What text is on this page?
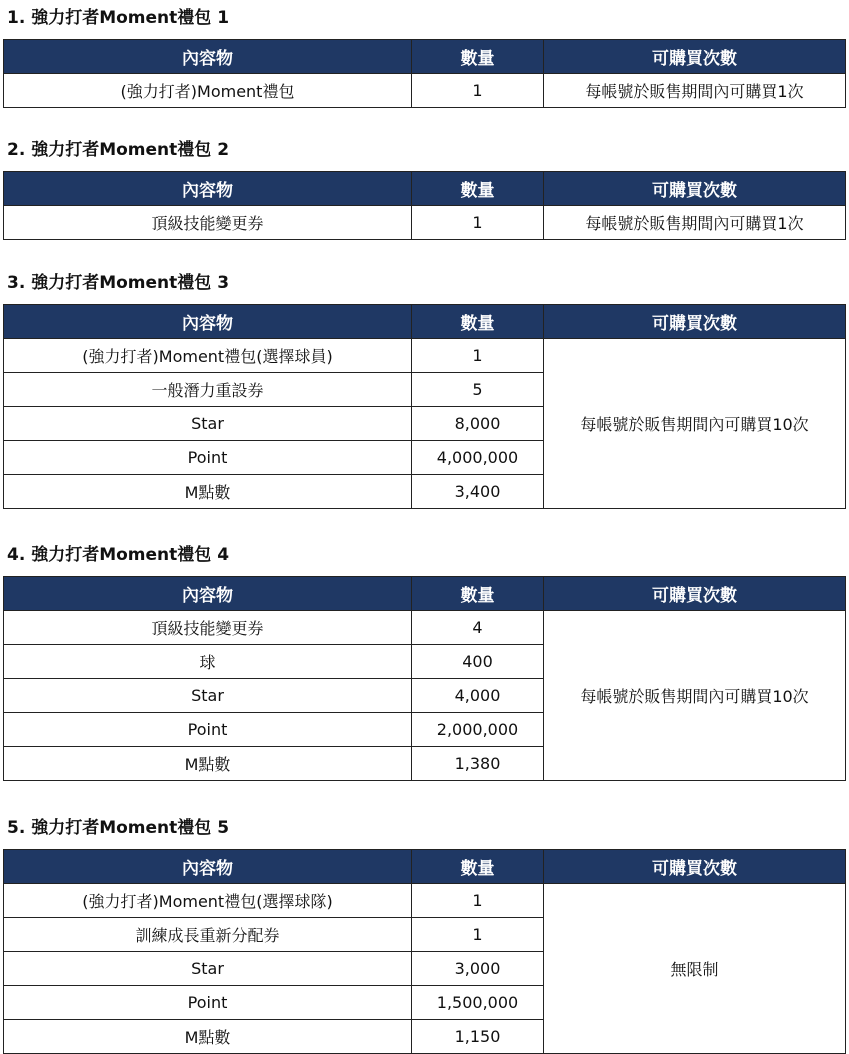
1. 強力打者Moment禮包 1
內容物	數量	可購買次數
(強力打者)Moment禮包	1	每帳號於販售期間內可購買1次
2. 強力打者Moment禮包 2
內容物	數量	可購買次數
頂級技能變更券	1	每帳號於販售期間內可購買1次
3. 強力打者Moment禮包 3
內容物	數量	可購買次數
(強力打者)Moment禮包(選擇球員)	1	每帳號於販售期間內可購買10次
一般潛力重設券	5	
Star	8,000	
Point	4,000,000	
M點數	3,400	
4. 強力打者Moment禮包 4
內容物	數量	可購買次數
頂級技能變更券	4	每帳號於販售期間內可購買10次
球	400	
Star	4,000	
Point	2,000,000	
M點數	1,380	
5. 強力打者Moment禮包 5
內容物	數量	可購買次數
(強力打者)Moment禮包(選擇球隊)	1	無限制
訓練成長重新分配券	1	
Star	3,000	
Point	1,500,000	
M點數	1,150	
